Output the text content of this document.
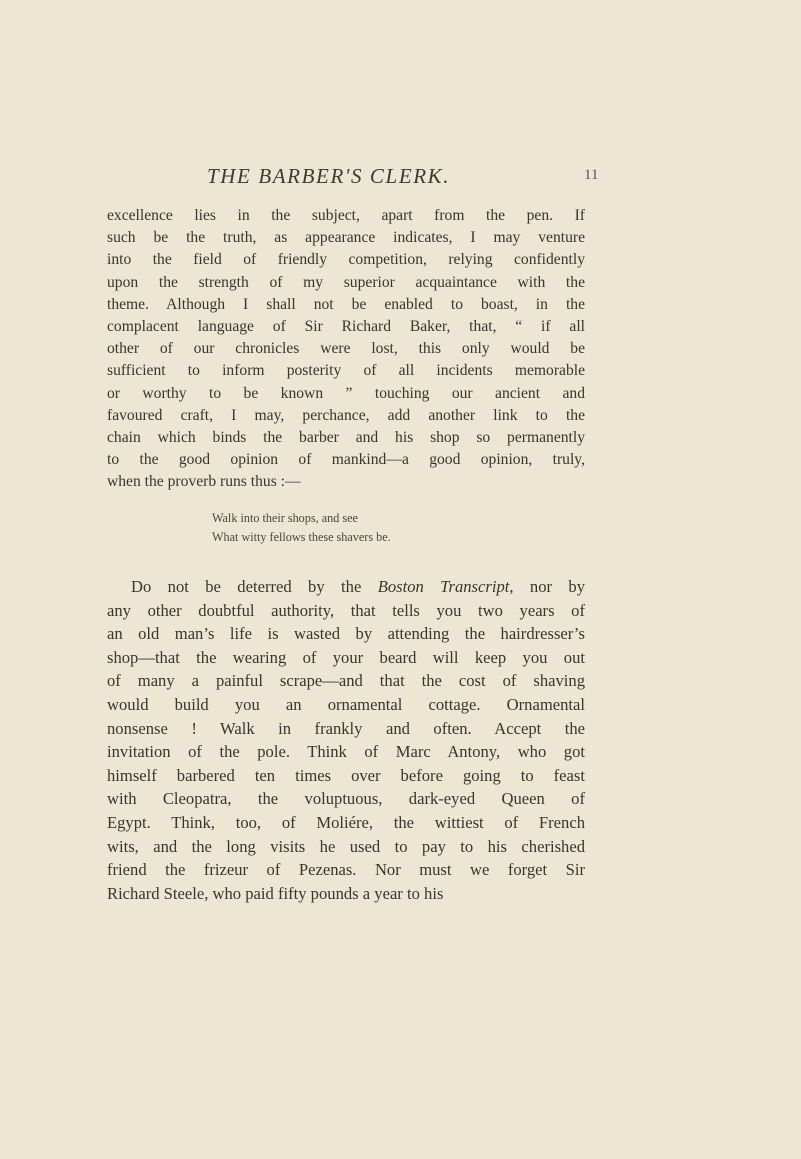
THE BARBER'S CLERK.	11
excellence lies in the subject, apart from the pen. If
such be the truth, as appearance indicates, I may venture
into the field of friendly competition, relying confidently
upon the strength of my superior acquaintance with the
theme. Although I shall not be enabled to boast, in the
complacent language of Sir Richard Baker, that, “ if all
other of our chronicles were lost, this only would be
sufficient to inform posterity of all incidents memorable
or worthy to be known ” touching our ancient and
favoured craft, I may, perchance, add another link to the
chain which binds the barber and his shop so permanently
to the good opinion of mankind—a good opinion, truly,
when the proverb runs thus :—
Walk into their shops, and see
What witty fellows these shavers be.
Do not be deterred by the Boston Transcript, nor by
any other doubtful authority, that tells you two years of
an old man’s life is wasted by attending the hairdresser’s
shop—that the wearing of your beard will keep you out
of many a painful scrape—and that the cost of shaving
would build you an ornamental cottage. Ornamental
nonsense ! Walk in frankly and often. Accept the
invitation of the pole. Think of Marc Antony, who got
himself barbered ten times over before going to feast
with Cleopatra, the voluptuous, dark-eyed Queen of
Egypt. Think, too, of Moliére, the wittiest of French
wits, and the long visits he used to pay to his cherished
friend the frizeur of Pezenas. Nor must we forget Sir
Richard Steele, who paid fifty pounds a year to his
